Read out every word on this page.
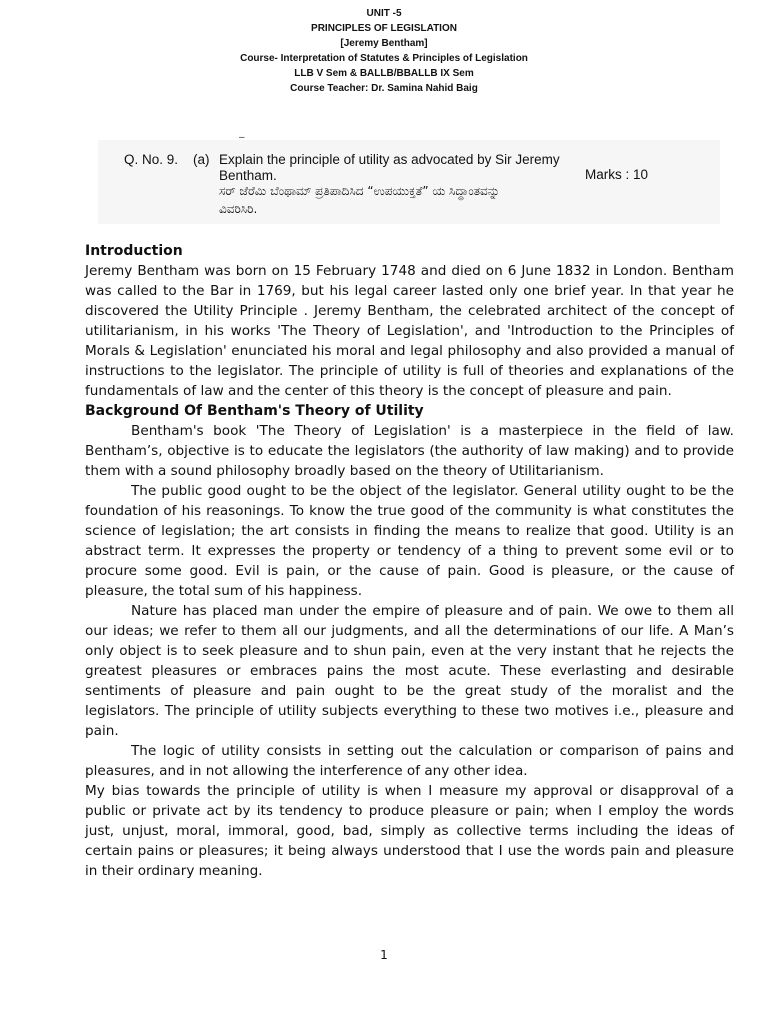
UNIT -5
PRINCIPLES OF LEGISLATION
[Jeremy Bentham]
Course- Interpretation of Statutes & Principles of Legislation
LLB V Sem & BALLB/BBALLB IX Sem
Course Teacher: Dr. Samina Nahid Baig
–
Q. No. 9. (a) Explain the principle of utility as advocated by Sir Jeremy
Bentham.	Marks : 10
ಸರ್ ಜೆರೆಮಿ ಬೆಂಥಾಮ್ ಪ್ರತಿಪಾದಿಸಿದ “ಉಪಯುಕ್ತತೆ” ಯ ಸಿದ್ಧಾಂತವನ್ನು
ವಿವರಿಸಿರಿ.
Introduction

Jeremy Bentham was born on 15 February 1748 and died on 6 June 1832 in London. Bentham was called to the Bar in 1769, but his legal career lasted only one brief year. In that year he discovered the Utility Principle . Jeremy Bentham, the celebrated architect of the concept of utilitarianism, in his works 'The Theory of Legislation', and 'Introduction to the Principles of Morals & Legislation' enunciated his moral and legal philosophy and also provided a manual of instructions to the legislator. The principle of utility is full of theories and explanations of the fundamentals of law and the center of this theory is the concept of pleasure and pain.

Background Of Bentham's Theory of Utility

Bentham's book 'The Theory of Legislation' is a masterpiece in the field of law. Bentham’s, objective is to educate the legislators (the authority of law making) and to provide them with a sound philosophy broadly based on the theory of Utilitarianism.

The public good ought to be the object of the legislator. General utility ought to be the foundation of his reasonings. To know the true good of the community is what constitutes the science of legislation; the art consists in finding the means to realize that good. Utility is an abstract term. It expresses the property or tendency of a thing to prevent some evil or to procure some good. Evil is pain, or the cause of pain. Good is pleasure, or the cause of pleasure, the total sum of his happiness.

Nature has placed man under the empire of pleasure and of pain. We owe to them all our ideas; we refer to them all our judgments, and all the determinations of our life. A Man’s only object is to seek pleasure and to shun pain, even at the very instant that he rejects the greatest pleasures or embraces pains the most acute. These everlasting and desirable sentiments of pleasure and pain ought to be the great study of the moralist and the legislators. The principle of utility subjects everything to these two motives i.e., pleasure and pain.

The logic of utility consists in setting out the calculation or comparison of pains and pleasures, and in not allowing the interference of any other idea.

My bias towards the principle of utility is when I measure my approval or disapproval of a public or private act by its tendency to produce pleasure or pain; when I employ the words just, unjust, moral, immoral, good, bad, simply as collective terms including the ideas of certain pains or pleasures; it being always understood that I use the words pain and pleasure in their ordinary meaning.

1
